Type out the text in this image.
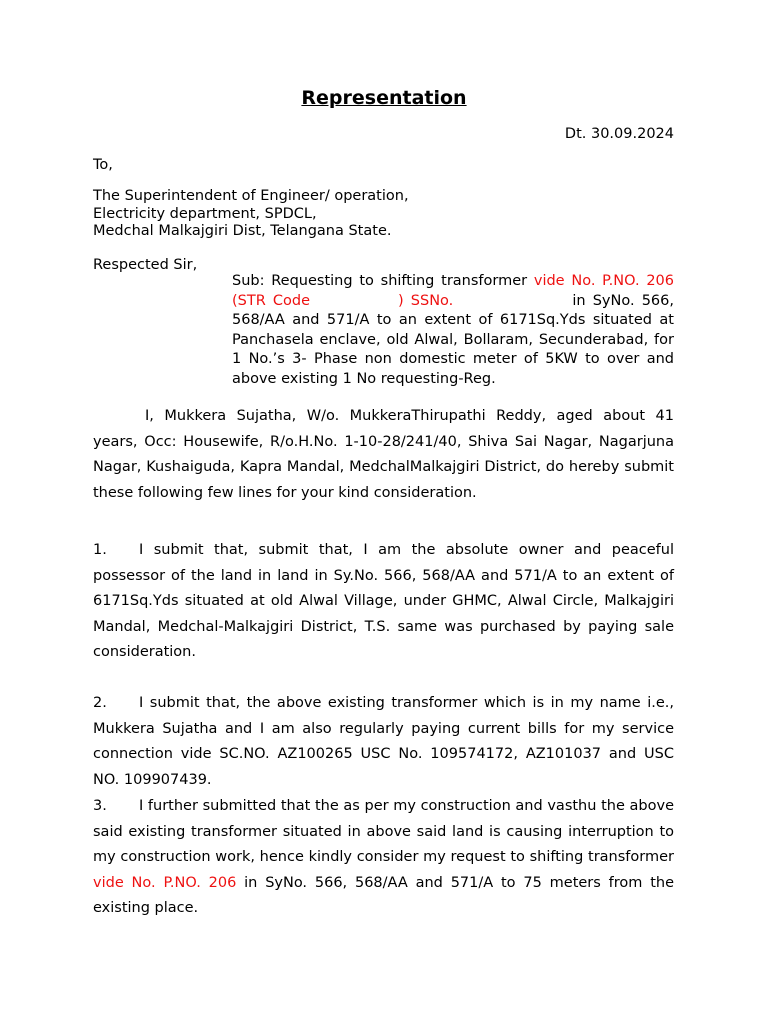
Representation
Dt. 30.09.2024
To,
The Superintendent of Engineer/ operation,
Electricity department, SPDCL,
Medchal Malkajgiri Dist, Telangana State.
Respected Sir,
Sub: Requesting to shifting transformer vide No. P.NO. 206 (STR Code	) SSNo.	in SyNo. 566, 568/AA and 571/A to an extent of 6171Sq.Yds situated at Panchasela enclave, old Alwal, Bollaram, Secunderabad, for 1 No.’s 3- Phase non domestic meter of 5KW to over and above existing 1 No requesting-Reg.
I, Mukkera Sujatha, W/o. MukkeraThirupathi Reddy, aged about 41 years, Occ: Housewife, R/o.H.No. 1-10-28/241/40, Shiva Sai Nagar, Nagarjuna Nagar, Kushaiguda, Kapra Mandal, MedchalMalkajgiri District, do hereby submit these following few lines for your kind consideration.
1. I submit that, submit that, I am the absolute owner and peaceful possessor of the land in land in Sy.No. 566, 568/AA and 571/A to an extent of 6171Sq.Yds situated at old Alwal Village, under GHMC, Alwal Circle, Malkajgiri Mandal, Medchal-Malkajgiri District, T.S. same was purchased by paying sale consideration.
2. I submit that, the above existing transformer which is in my name i.e., Mukkera Sujatha and I am also regularly paying current bills for my service connection vide SC.NO. AZ100265 USC No. 109574172, AZ101037 and USC NO. 109907439.
3. I further submitted that the as per my construction and vasthu the above said existing transformer situated in above said land is causing interruption to my construction work, hence kindly consider my request to shifting transformer vide No. P.NO. 206 in SyNo. 566, 568/AA and 571/A to 75 meters from the existing place.
